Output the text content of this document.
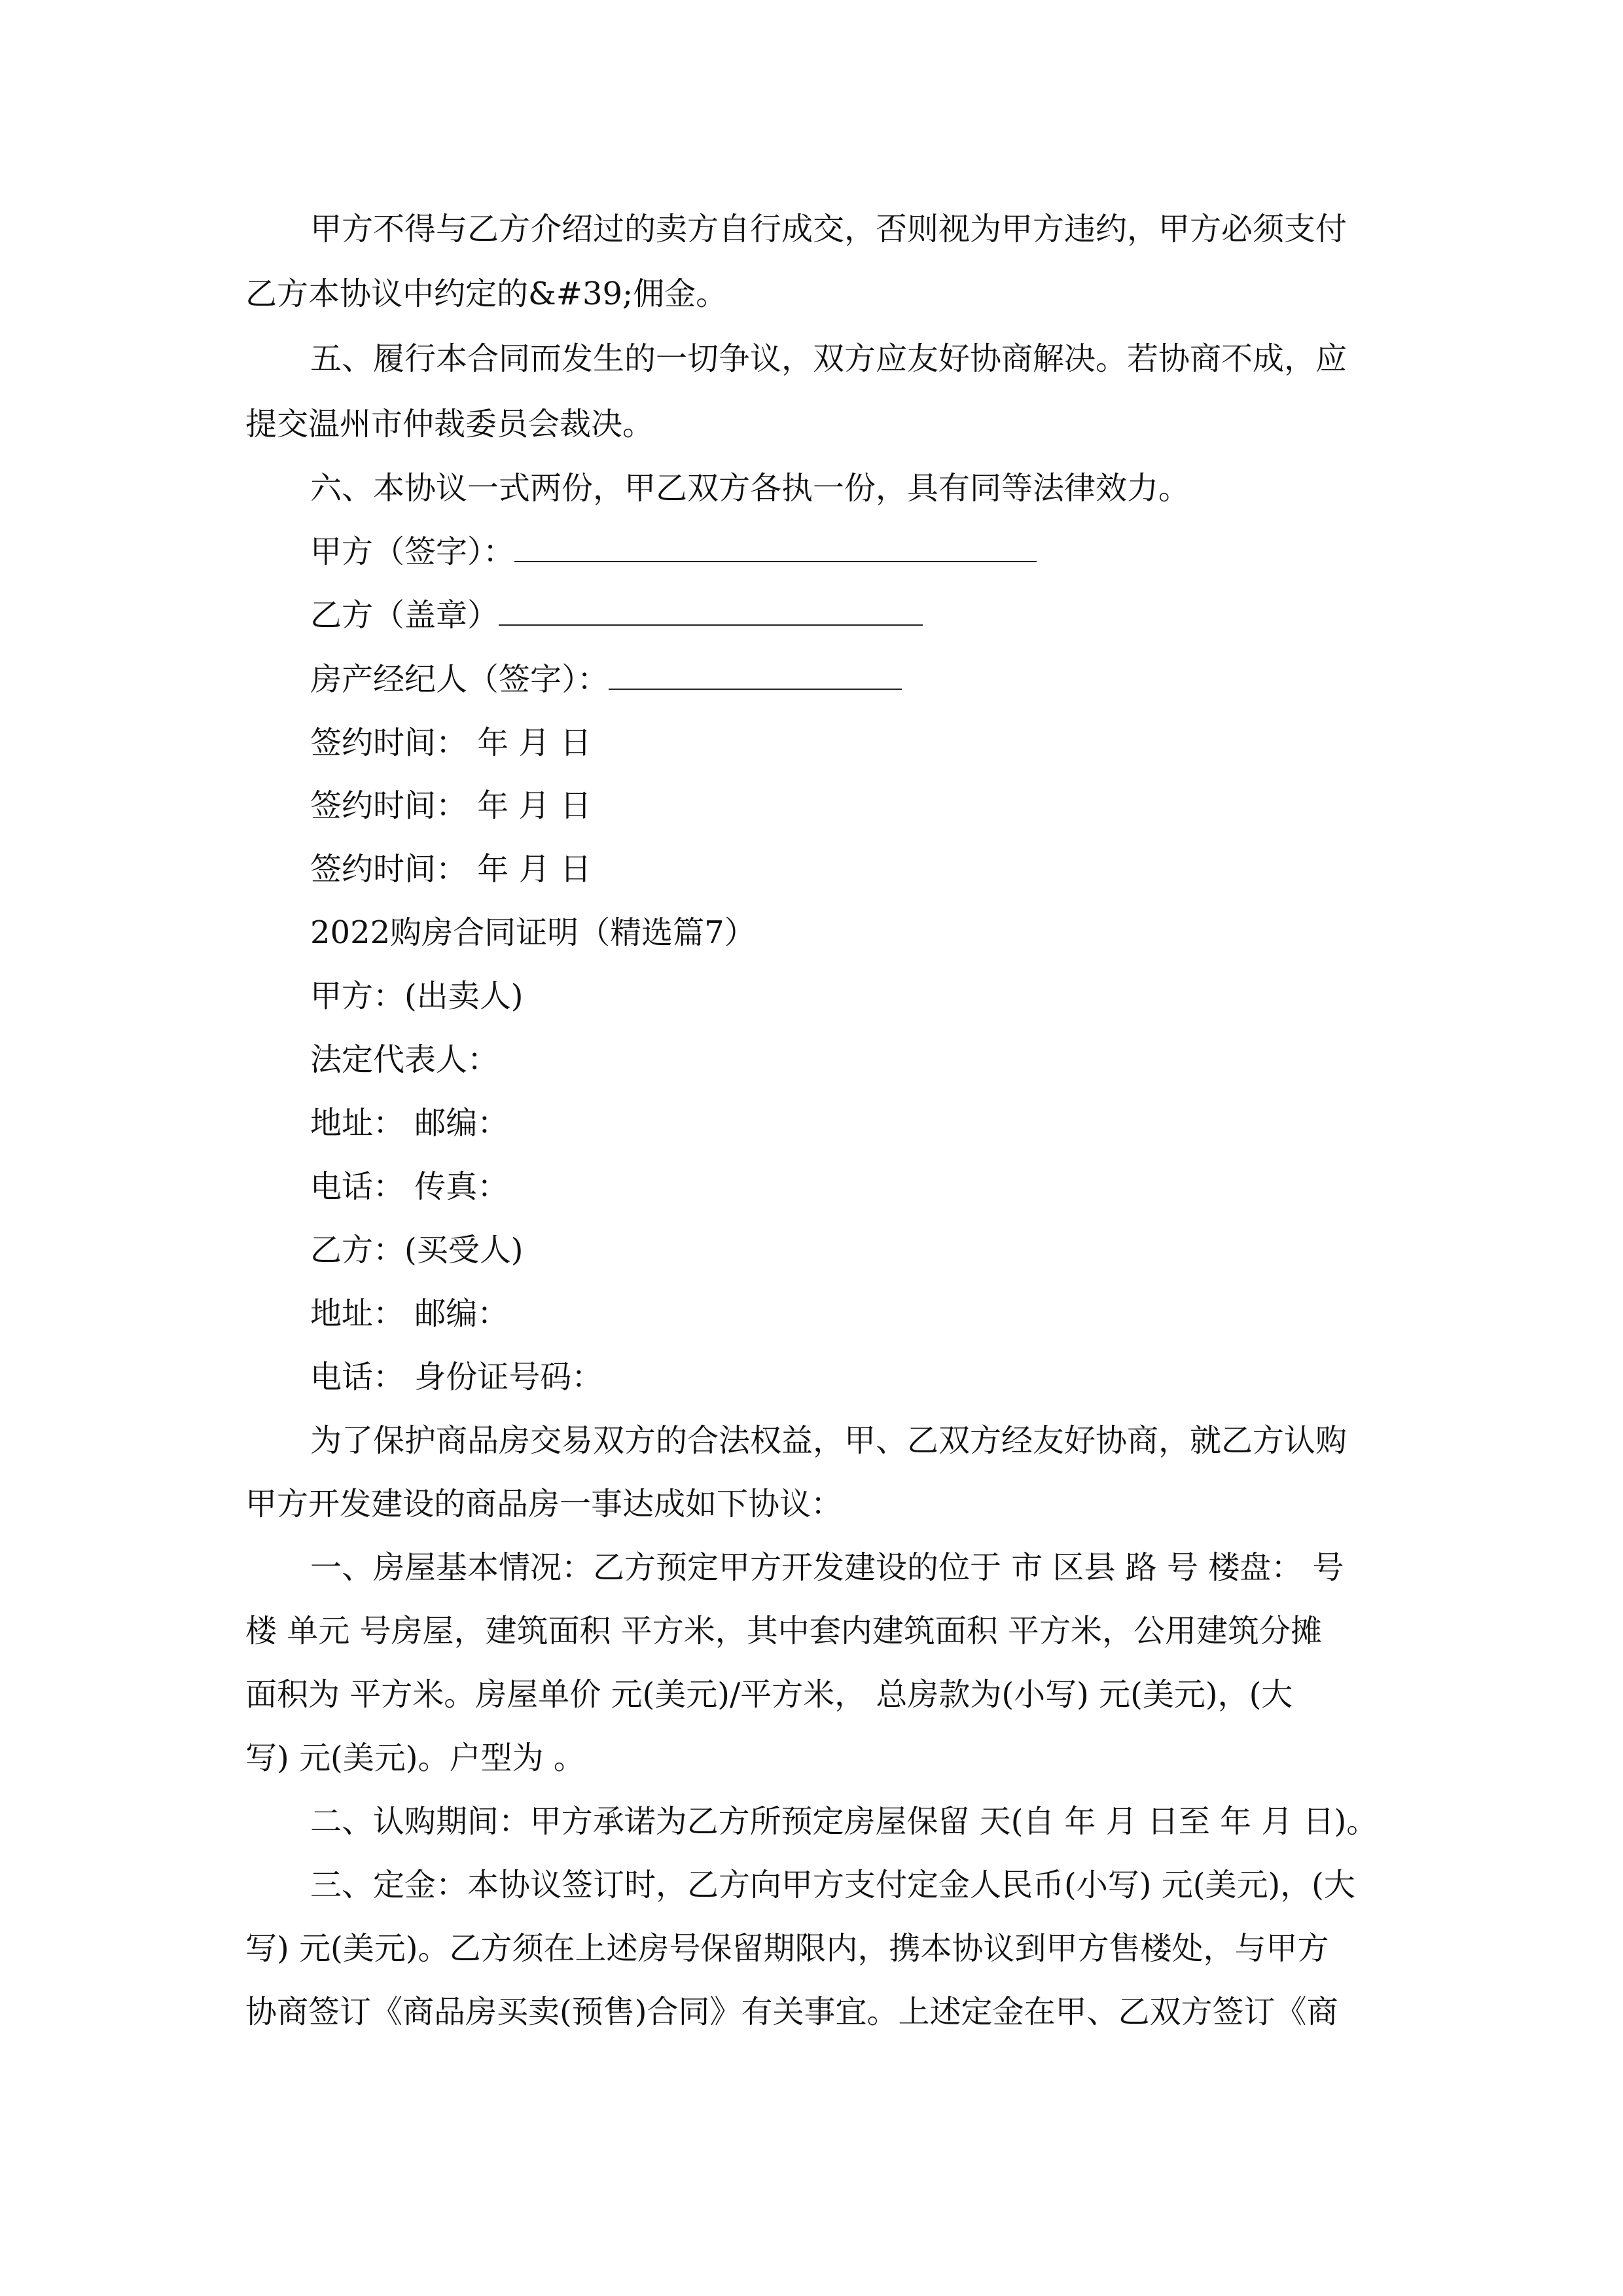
甲方不得与乙方介绍过的卖方自行成交，否则视为甲方违约，甲方必须支付
乙方本协议中约定的&#39;佣金。
五、履行本合同而发生的一切争议，双方应友好协商解决。若协商不成，应
提交温州市仲裁委员会裁决。
六、本协议一式两份，甲乙双方各执一份，具有同等法律效力。
甲方（签字）：
乙方（盖章）
房产经纪人（签字）：
签约时间： 年 月 日
签约时间： 年 月 日
签约时间： 年 月 日
2022购房合同证明（精选篇7）
甲方：(出卖人)
法定代表人：
地址： 邮编：
电话： 传真：
乙方：(买受人)
地址： 邮编：
电话： 身份证号码：
为了保护商品房交易双方的合法权益，甲、乙双方经友好协商，就乙方认购
甲方开发建设的商品房一事达成如下协议：
一、房屋基本情况：乙方预定甲方开发建设的位于 市 区县 路 号 楼盘： 号
楼 单元 号房屋，建筑面积 平方米，其中套内建筑面积 平方米，公用建筑分摊
面积为 平方米。房屋单价 元(美元)/平方米， 总房款为(小写) 元(美元)，(大
写) 元(美元)。户型为 。
二、认购期间：甲方承诺为乙方所预定房屋保留 天(自 年 月 日至 年 月 日)。
三、定金：本协议签订时，乙方向甲方支付定金人民币(小写) 元(美元)，(大
写) 元(美元)。乙方须在上述房号保留期限内，携本协议到甲方售楼处，与甲方
协商签订《商品房买卖(预售)合同》有关事宜。上述定金在甲、乙双方签订《商
